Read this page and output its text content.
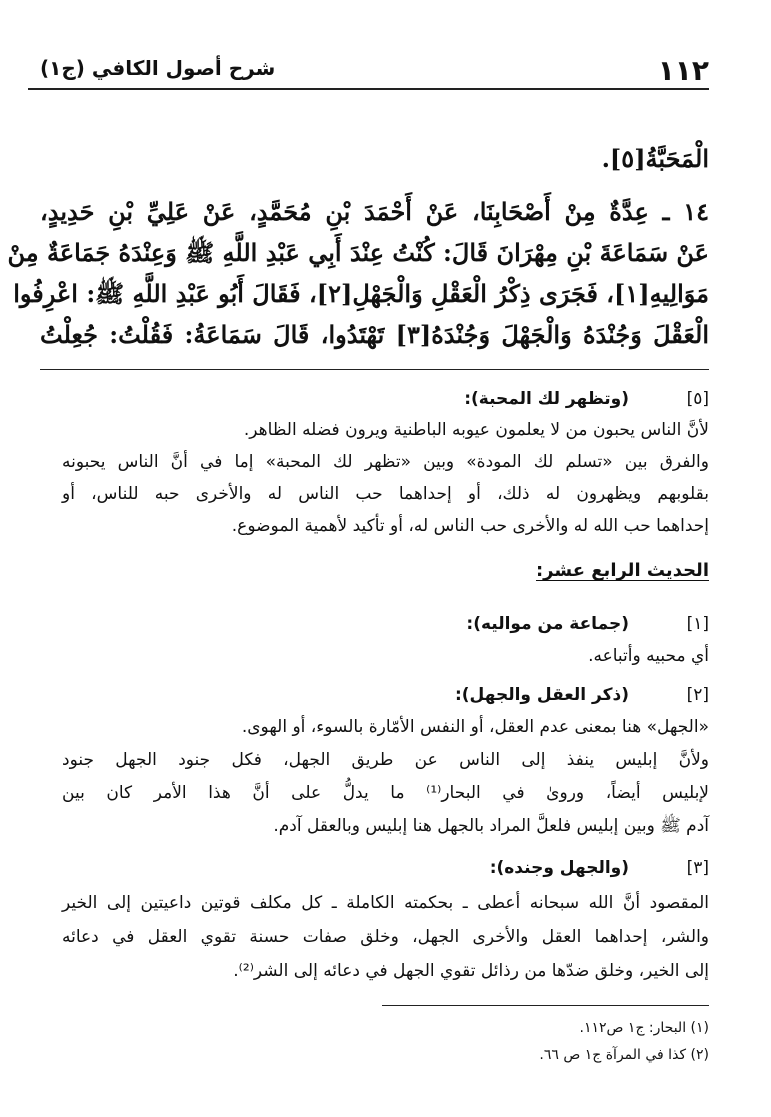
١١٢
شرح أصول الكافي (ج١)
الْمَحَبَّةُ[٥].
١٤ ـ عِدَّةٌ مِنْ أَصْحَابِنَا، عَنْ أَحْمَدَ بْنِ مُحَمَّدٍ، عَنْ عَلِيِّ بْنِ حَدِيدٍ،
عَنْ سَمَاعَةَ بْنِ مِهْرَانَ قَالَ: كُنْتُ عِنْدَ أَبِي عَبْدِ اللَّهِ ﷺ وَعِنْدَهُ جَمَاعَةٌ مِنْ
مَوَالِيهِ[١]، فَجَرَى ذِكْرُ الْعَقْلِ وَالْجَهْلِ[٢]، فَقَالَ أَبُو عَبْدِ اللَّهِ ﷺ: اعْرِفُوا
الْعَقْلَ وَجُنْدَهُ وَالْجَهْلَ وَجُنْدَهُ[٣] تَهْتَدُوا، قَالَ سَمَاعَةُ: فَقُلْتُ: جُعِلْتُ
[٥]
(وتظهر لك المحبة):
لأنَّ الناس يحبون من لا يعلمون عيوبه الباطنية ويرون فضله الظاهر.
والفرق بين «تسلم لك المودة» وبين «تظهر لك المحبة» إما في أنَّ الناس يحبونه
بقلوبهم ويظهرون له ذلك، أو إحداهما حب الناس له والأخرى حبه للناس، أو
إحداهما حب الله له والأخرى حب الناس له، أو تأكيد لأهمية الموضوع.
الحديث الرابع عشر:
[١]
(جماعة من مواليه):
أي محبيه وأتباعه.
[٢]
(ذكر العقل والجهل):
«الجهل» هنا بمعنى عدم العقل، أو النفس الأمّارة بالسوء، أو الهوى.
ولأنَّ إبليس ينفذ إلى الناس عن طريق الجهل، فكل جنود الجهل جنود
لإبليس أيضاً، وروىٰ في البحار⁽¹⁾ ما يدلُّ على أنَّ هذا الأمر كان بين
آدم ﷺ وبين إبليس فلعلَّ المراد بالجهل هنا إبليس وبالعقل آدم.
[٣]
(والجهل وجنده):
المقصود أنَّ الله سبحانه أعطى ـ بحكمته الكاملة ـ كل مكلف قوتين داعيتين إلى الخير
والشر، إحداهما العقل والأخرى الجهل، وخلق صفات حسنة تقوي العقل في دعائه
إلى الخير، وخلق ضدّها من رذائل تقوي الجهل في دعائه إلى الشر⁽²⁾.
(١) البحار: ج١ ص١١٢.
(٢) كذا في المرآة ج١ ص ٦٦.
